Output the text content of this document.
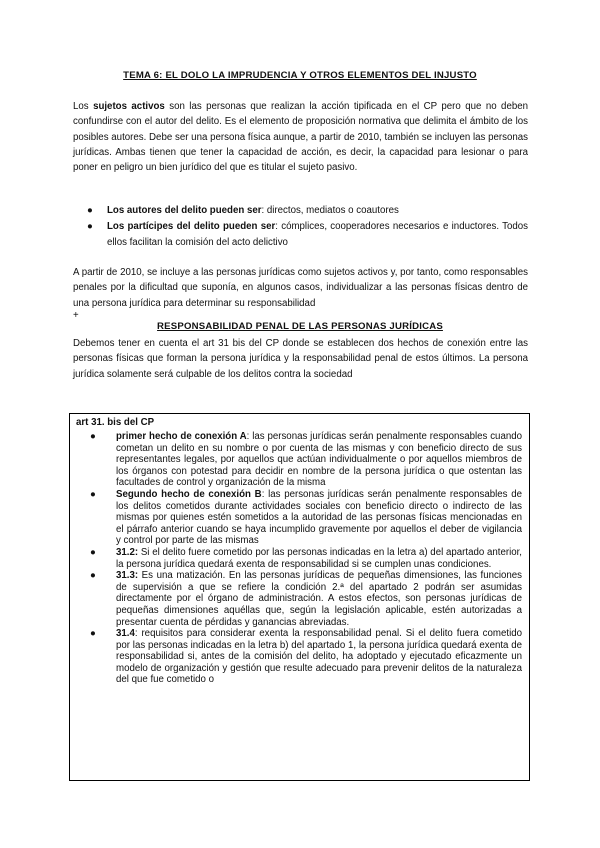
TEMA 6: EL DOLO LA IMPRUDENCIA Y OTROS ELEMENTOS DEL INJUSTO

Los sujetos activos son las personas que realizan la acción tipificada en el CP pero que no deben confundirse con el autor del delito. Es el elemento de proposición normativa que delimita el ámbito de los posibles autores. Debe ser una persona física aunque, a partir de 2010, también se incluyen las personas jurídicas. Ambas tienen que tener la capacidad de acción, es decir, la capacidad para lesionar o para poner en peligro un bien jurídico del que es titular el sujeto pasivo.

● Los autores del delito pueden ser: directos, mediatos o coautores
● Los partícipes del delito pueden ser: cómplices, cooperadores necesarios e inductores. Todos ellos facilitan la comisión del acto delictivo

A partir de 2010, se incluye a las personas jurídicas como sujetos activos y, por tanto, como responsables penales por la dificultad que suponía, en algunos casos, individualizar a las personas físicas dentro de una persona jurídica para determinar su responsabilidad

+
RESPONSABILIDAD PENAL DE LAS PERSONAS JURÍDICAS

Debemos tener en cuenta el art 31 bis del CP donde se establecen dos hechos de conexión entre las personas físicas que forman la persona jurídica y la responsabilidad penal de estos últimos. La persona jurídica solamente será culpable de los delitos contra la sociedad

art 31. bis del CP
● primer hecho de conexión A: las personas jurídicas serán penalmente responsables cuando cometan un delito en su nombre o por cuenta de las mismas y con beneficio directo de sus representantes legales, por aquellos que actúan individualmente o por aquellos miembros de los órganos con potestad para decidir en nombre de la persona jurídica o que ostentan las facultades de control y organización de la misma
● Segundo hecho de conexión B: las personas jurídicas serán penalmente responsables de los delitos cometidos durante actividades sociales con beneficio directo o indirecto de las mismas por quienes estén sometidos a la autoridad de las personas físicas mencionadas en el párrafo anterior cuando se haya incumplido gravemente por aquellos el deber de vigilancia y control por parte de las mismas
● 31.2: Si el delito fuere cometido por las personas indicadas en la letra a) del apartado anterior, la persona jurídica quedará exenta de responsabilidad si se cumplen unas condiciones.
● 31.3: Es una matización. En las personas jurídicas de pequeñas dimensiones, las funciones de supervisión a que se refiere la condición 2.ª del apartado 2 podrán ser asumidas directamente por el órgano de administración. A estos efectos, son personas jurídicas de pequeñas dimensiones aquéllas que, según la legislación aplicable, estén autorizadas a presentar cuenta de pérdidas y ganancias abreviadas.
● 31.4: requisitos para considerar exenta la responsabilidad penal. Si el delito fuera cometido por las personas indicadas en la letra b) del apartado 1, la persona jurídica quedará exenta de responsabilidad si, antes de la comisión del delito, ha adoptado y ejecutado eficazmente un modelo de organización y gestión que resulte adecuado para prevenir delitos de la naturaleza del que fue cometido o
